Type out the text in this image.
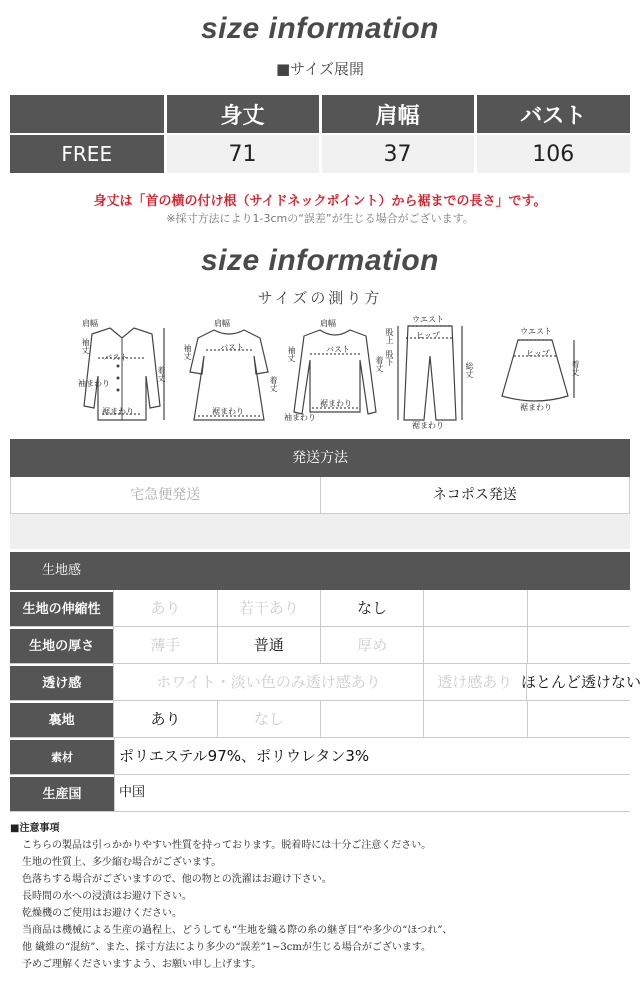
size information
■サイズ展開
	身丈	肩幅	バスト
FREE	71	37	106
身丈は「首の横の付け根（サイドネックポイント）から裾までの長さ」です。
※採寸方法により1-3cmの“誤差”が生じる場合がございます。
size information
サイズの測り方
肩幅
袖丈
バスト
着丈
袖まわり
裾まわり
肩幅
バスト
袖丈
着丈
裾まわり
肩幅
バスト
袖丈
着丈
袖まわり
裾まわり
ウエスト
ヒップ
股上
股下
総丈
裾まわり
ウエスト
ヒップ
着丈
裾まわり
発送方法
宅急便発送	ネコポス発送
生地感
生地の伸縮性	あり	若干あり	なし
生地の厚さ	薄手	普通	厚め
透け感	ホワイト・淡い色のみ透け感あり	透け感あり ほとんど透けない
裏地	あり	なし
素材	ポリエステル97%、ポリウレタン3%
生産国	中国
■注意事項
こちらの製品は引っかかりやすい性質を持っております。脱着時には十分ご注意ください。
生地の性質上、多少縮む場合がございます。
色落ちする場合がございますので、他の物との洗濯はお避け下さい。
長時間の水への浸漬はお避け下さい。
乾燥機のご使用はお避けください。
当商品は機械による生産の過程上、どうしても“生地を織る際の糸の継ぎ目”や多少の“ほつれ”、
他 繊維の“混紡”、また、採寸方法により多少の“誤差”1~3cmが生じる場合がございます。
予めご理解くださいますよう、お願い申し上げます。
